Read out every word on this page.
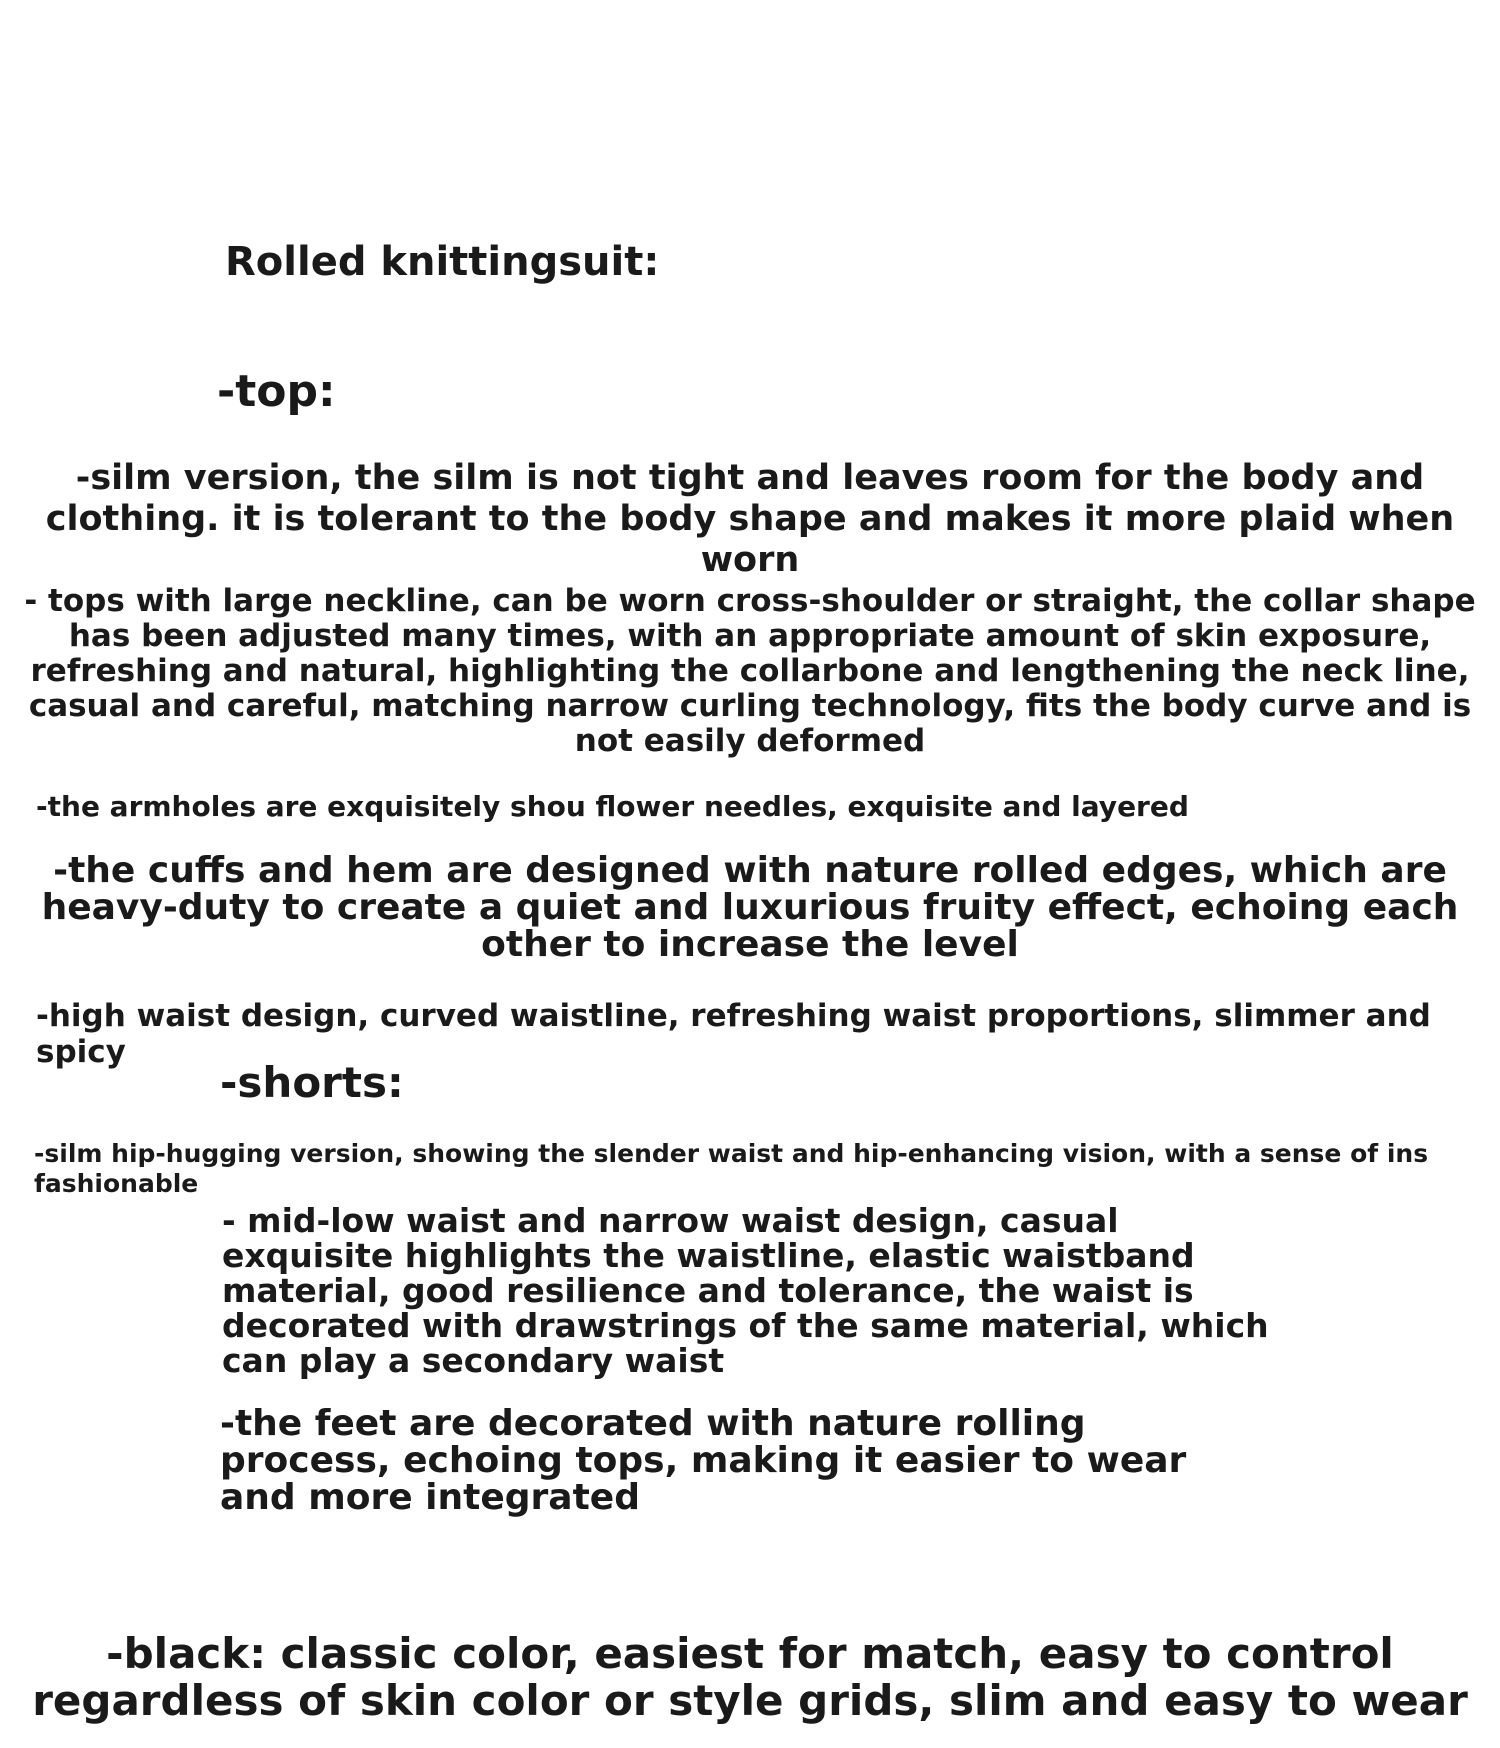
Rolled knittingsuit:
-top:
-silm version, the silm is not tight and leaves room for the body and clothing. it is tolerant to the body shape and makes it more plaid when worn
- tops with large neckline, can be worn cross-shoulder or straight, the collar shape has been adjusted many times, with an appropriate amount of skin exposure, refreshing and natural, highlighting the collarbone and lengthening the neck line, casual and careful, matching narrow curling technology, fits the body curve and is not easily deformed
-the armholes are exquisitely shou flower needles, exquisite and layered
-the cuffs and hem are designed with nature rolled edges, which are heavy-duty to create a quiet and luxurious fruity effect, echoing each other to increase the level
-high waist design, curved waistline, refreshing waist proportions, slimmer and spicy
-shorts:
-silm hip-hugging version, showing the slender waist and hip-enhancing vision, with a sense of ins fashionable
- mid-low waist and narrow waist design, casual exquisite highlights the waistline, elastic waistband material, good resilience and tolerance, the waist is decorated with drawstrings of the same material, which can play a secondary waist
-the feet are decorated with nature rolling process, echoing tops, making it easier to wear and more integrated
-black: classic color, easiest for match, easy to control regardless of skin color or style grids, slim and easy to wear
